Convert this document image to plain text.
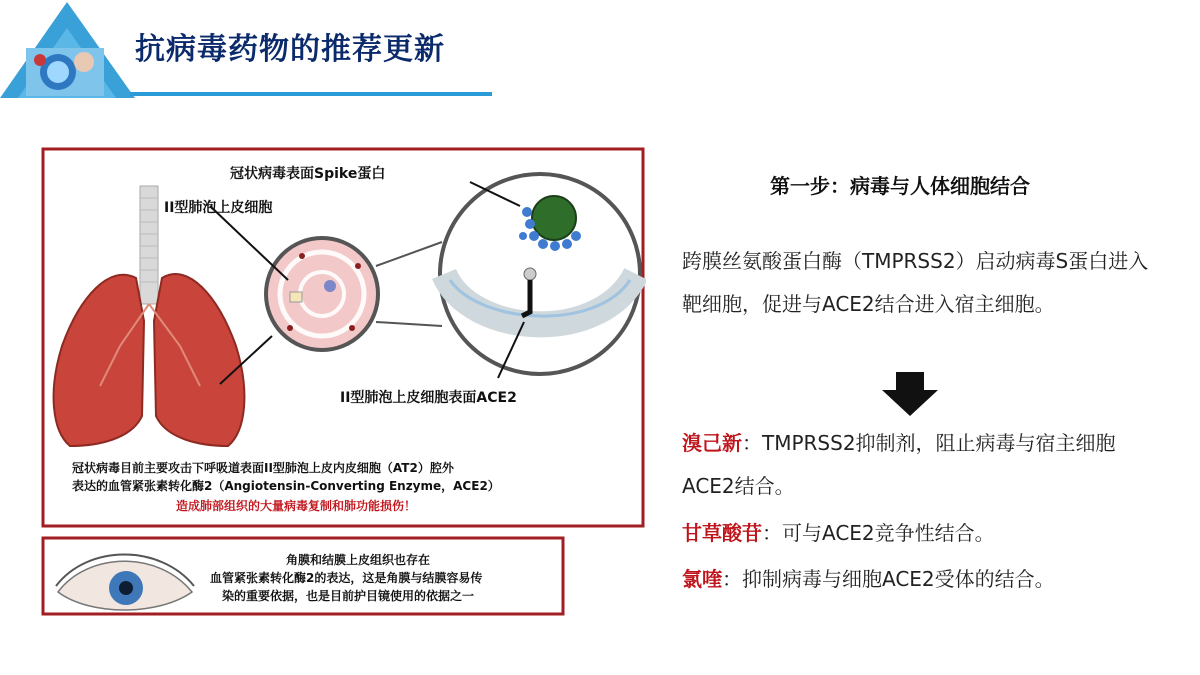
抗病毒药物的推荐更新
冠状病毒表面Spike蛋白
II型肺泡上皮细胞
II型肺泡上皮细胞表面ACE2
冠状病毒目前主要攻击下呼吸道表面II型肺泡上皮内皮细胞（AT2）腔外
表达的血管紧张素转化酶2（Angiotensin-Converting Enzyme，ACE2）
造成肺部组织的大量病毒复制和肺功能损伤！
角膜和结膜上皮组织也存在
血管紧张素转化酶2的表达，这是角膜与结膜容易传
染的重要依据，也是目前护目镜使用的依据之一
第一步：病毒与人体细胞结合
跨膜丝氨酸蛋白酶（TMPRSS2）启动病毒S蛋白进入靶细胞，促进与ACE2结合进入宿主细胞。
溴己新：TMPRSS2抑制剂，阻止病毒与宿主细胞ACE2结合。
甘草酸苷：可与ACE2竞争性结合。
氯喹：抑制病毒与细胞ACE2受体的结合。
